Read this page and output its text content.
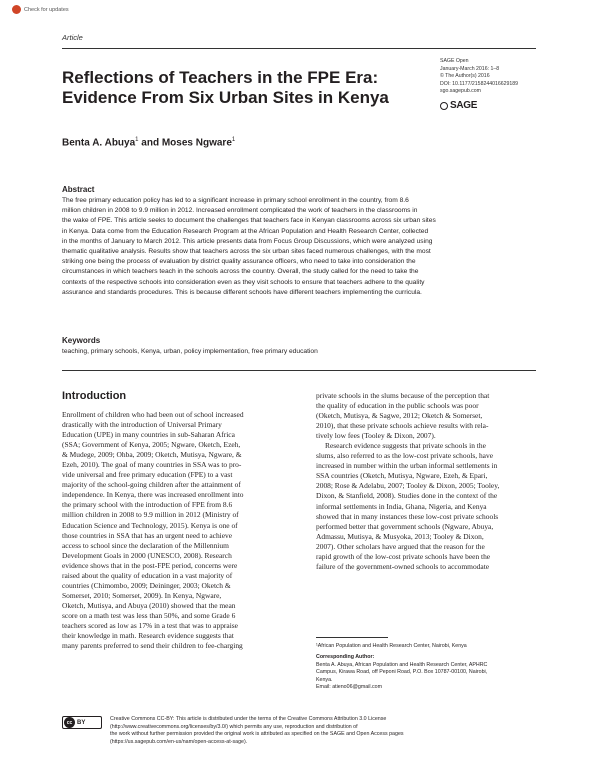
Check for updates
Article
Reflections of Teachers in the FPE Era:
Evidence From Six Urban Sites in Kenya
SAGE Open
January-March 2016: 1–8
© The Author(s) 2016
DOI: 10.1177/2158244016629189
sgo.sagepub.com
SAGE
Benta A. Abuya$^1$ and Moses Ngware$^1$
Abstract
The free primary education policy has led to a significant increase in primary school enrollment in the country, from 8.6
million children in 2008 to 9.9 million in 2012. Increased enrollment complicated the work of teachers in the classrooms in
the wake of FPE. This article seeks to document the challenges that teachers face in Kenyan classrooms across six urban sites
in Kenya. Data come from the Education Research Program at the African Population and Health Research Center, collected
in the months of January to March 2012. This article presents data from Focus Group Discussions, which were analyzed using
thematic qualitative analysis. Results show that teachers across the six urban sites faced numerous challenges, with the most
striking one being the process of evaluation by district quality assurance officers, who need to take into consideration the
circumstances in which teachers teach in the schools across the country. Overall, the study called for the need to take the
contexts of the respective schools into consideration even as they visit schools to ensure that teachers adhere to the quality
assurance and standards procedures. This is because different schools have different teachers implementing the curricula.
Keywords
teaching, primary schools, Kenya, urban, policy implementation, free primary education
Introduction
Enrollment of children who had been out of school increased
drastically with the introduction of Universal Primary
Education (UPE) in many countries in sub-Saharan Africa
(SSA; Government of Kenya, 2005; Ngware, Oketch, Ezeh,
& Mudege, 2009; Ohba, 2009; Oketch, Mutisya, Ngware, &
Ezeh, 2010). The goal of many countries in SSA was to pro-
vide universal and free primary education (FPE) to a vast
majority of the school-going children after the attainment of
independence. In Kenya, there was increased enrollment into
the primary school with the introduction of FPE from 8.6
million children in 2008 to 9.9 million in 2012 (Ministry of
Education Science and Technology, 2015). Kenya is one of
those countries in SSA that has an urgent need to achieve
access to school since the declaration of the Millennium
Development Goals in 2000 (UNESCO, 2008). Research
evidence shows that in the post-FPE period, concerns were
raised about the quality of education in a vast majority of
countries (Chimombo, 2009; Deininger, 2003; Oketch &
Somerset, 2010; Somerset, 2009). In Kenya, Ngware,
Oketch, Mutisya, and Abuya (2010) showed that the mean
score on a math test was less than 50%, and some Grade 6
teachers scored as low as 17% in a test that was to appraise
their knowledge in math. Research evidence suggests that
many parents preferred to send their children to fee-charging
private schools in the slums because of the perception that
the quality of education in the public schools was poor
(Oketch, Mutisya, & Sagwe, 2012; Oketch & Somerset,
2010), that these private schools achieve results with rela-
tively low fees (Tooley & Dixon, 2007).
Research evidence suggests that private schools in the
slums, also referred to as the low-cost private schools, have
increased in number within the urban informal settlements in
SSA countries (Oketch, Mutisya, Ngware, Ezeh, & Epari,
2008; Rose & Adelabu, 2007; Tooley & Dixon, 2005; Tooley,
Dixon, & Stanfield, 2008). Studies done in the context of the
informal settlements in India, Ghana, Nigeria, and Kenya
showed that in many instances these low-cost private schools
performed better that government schools (Ngware, Abuya,
Admassu, Mutisya, & Musyoka, 2013; Tooley & Dixon,
2007). Other scholars have argued that the reason for the
rapid growth of the low-cost private schools have been the
failure of the government-owned schools to accommodate
¹African Population and Health Research Center, Nairobi, Kenya
Corresponding Author:
Benta A. Abuya, African Population and Health Research Center, APHRC
Campus, Kirawa Road, off Peponi Road, P.O. Box 10787-00100, Nairobi,
Kenya.
Email: atieno06@gmail.com
cc BY
Creative Commons CC-BY: This article is distributed under the terms of the Creative Commons Attribution 3.0 License
(http://www.creativecommons.org/licenses/by/3.0/) which permits any use, reproduction and distribution of
the work without further permission provided the original work is attributed as specified on the SAGE and Open Access pages
(https://us.sagepub.com/en-us/nam/open-access-at-sage).
